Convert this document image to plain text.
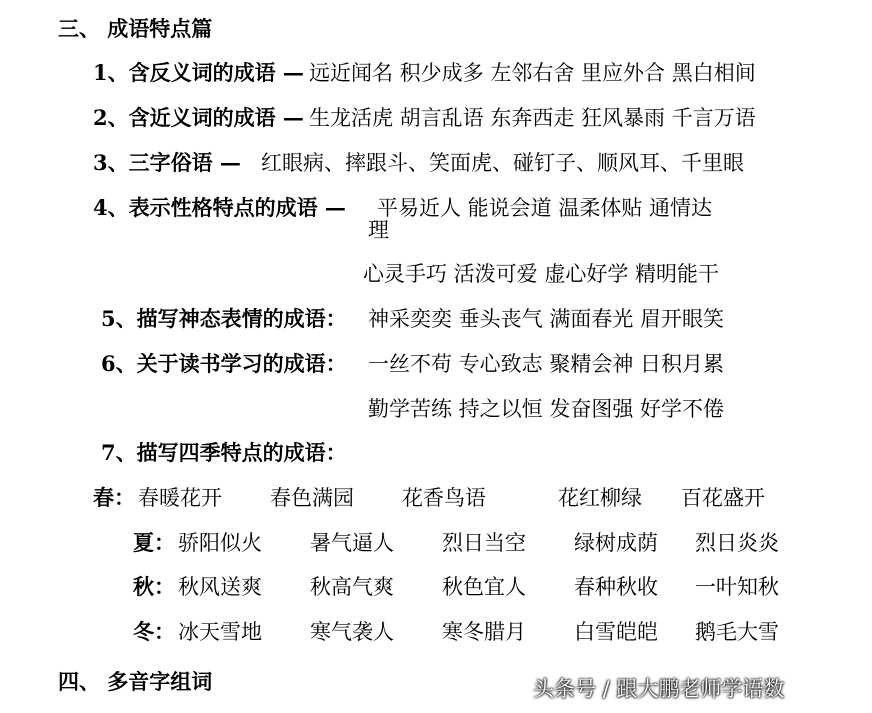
三、 成语特点篇
1、含反义词的成语 — 远近闻名 积少成多 左邻右舍 里应外合 黑白相间
2、含近义词的成语 — 生龙活虎 胡言乱语 东奔西走 狂风暴雨 千言万语
3、三字俗语 — 红眼病、摔跟斗、笑面虎、碰钉子、顺风耳、千里眼
4、表示性格特点的成语 — 平易近人 能说会道 温柔体贴 通情达
理
心灵手巧 活泼可爱 虚心好学 精明能干
5、描写神态表情的成语： 神采奕奕 垂头丧气 满面春光 眉开眼笑
6、关于读书学习的成语： 一丝不苟 专心致志 聚精会神 日积月累
勤学苦练 持之以恒 发奋图强 好学不倦
7、描写四季特点的成语：
春： 春暖花开 春色满园 花香鸟语	花红柳绿 百花盛开
夏： 骄阳似火 暑气逼人 烈日当空 绿树成荫 烈日炎炎
秋： 秋风送爽 秋高气爽 秋色宜人 春种秋收 一叶知秋
冬： 冰天雪地 寒气袭人 寒冬腊月 白雪皑皑 鹅毛大雪
四、 多音字组词	头条号 / 跟大鹏老师学语数
